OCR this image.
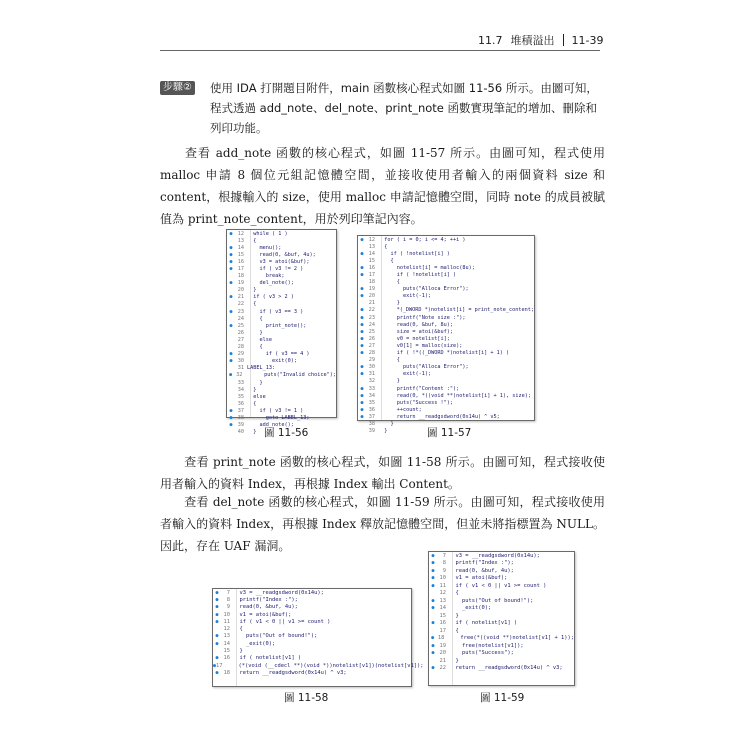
11.7 堆積溢出 11-39
步驟②	使用 IDA 打開題目附件，main 函數核心程式如圖 11-56 所示。由圖可知，程式透過 add_note、del_note、print_note 函數實現筆記的增加、刪除和列印功能。
查看 add_note 函數的核心程式，如圖 11-57 所示。由圖可知，程式使用 malloc 申請 8 個位元組記憶體空間，並接收使用者輸入的兩個資料 size 和 content，根據輸入的 size，使用 malloc 申請記憶體空間，同時 note 的成員被賦值為 print_note_content，用於列印筆記內容。
●	12 while ( 1 )
13 {
●	14 menu();
●	15 read(0, &buf, 4u);
●	16 v3 = atoi(&buf);
●	17 if ( v3 != 2 )
18 break;
●	19 del_note();
20 }
●	21 if ( v3 > 2 )
22 {
●	23 if ( v3 == 3 )
24 {
●	25 print_note();
26 }
27 else
28 {
●	29 if ( v3 == 4 )
●	30 exit(0);
31 LABEL_13:
● 32 puts("Invalid choice");
33 }
34 }
35 else
36 {
●	37 if ( v3 != 1 )
●	38 goto LABEL_13;
●	39 add_note();
40 }
●	12 for ( i = 0; i <= 4; ++i )
13 {
●	14 if ( !notelist[i] )
15 {
●	16 notelist[i] = malloc(8u);
●	17 if ( !notelist[i] )
18 {
●	19 puts("Alloca Error");
●	20 exit(-1);
21 }
● 22 *(_DWORD *)notelist[i] = print_note_content;
●	23 printf("Note size :");
●	24 read(0, &buf, 8u);
●	25 size = atoi(&buf);
●	26 v0 = notelist[i];
●	27 v0[1] = malloc(size);
●	28 if ( !*((_DWORD *)notelist[i] + 1) )
29 {
●	30 puts("Alloca Error");
●	31 exit(-1);
32 }
●	33 printf("Content :");
●	34 read(0, *((void **)notelist[i] + 1), size);
●	35 puts("Success !");
●	36 ++count;
●	37 return __readgsdword(0x14u) ^ v5;
38 }
39 }
圖 11-56	圖 11-57
查看 print_note 函數的核心程式，如圖 11-58 所示。由圖可知，程式接收使用者輸入的資料 Index，再根據 Index 輸出 Content。
查看 del_note 函數的核心程式，如圖 11-59 所示。由圖可知，程式接收使用者輸入的資料 Index，再根據 Index 釋放記憶體空間，但並未將指標置為 NULL。因此，存在 UAF 漏洞。
●	7 v3 = __readgsdword(0x14u);
●	8 printf("Index :");
●	9 read(0, &buf, 4u);
● 10 v1 = atoi(&buf);
● 11 if ( v1 < 0 || v1 >= count )
12 {
● 13 puts("Out of bound!");
● 14 _exit(0);
15 }
● 16 if ( notelist[v1] )
● 17 (*(void (__cdecl **)(void *))notelist[v1])(notelist[v1]);
● 18 return __readgsdword(0x14u) ^ v3;
●	7 v3 = __readgsdword(0x14u);
●	8 printf("Index :");
●	9 read(0, &buf, 4u);
● 10 v1 = atoi(&buf);
● 11 if ( v1 < 0 || v1 >= count )
12 {
● 13 puts("Out of bound!");
● 14 _exit(0);
15 }
● 16 if ( notelist[v1] )
17 {
● 18 free(*((void **)notelist[v1] + 1));
● 19 free(notelist[v1]);
● 20 puts("Success");
21 }
● 22 return __readgsdword(0x14u) ^ v3;
圖 11-58	圖 11-59
